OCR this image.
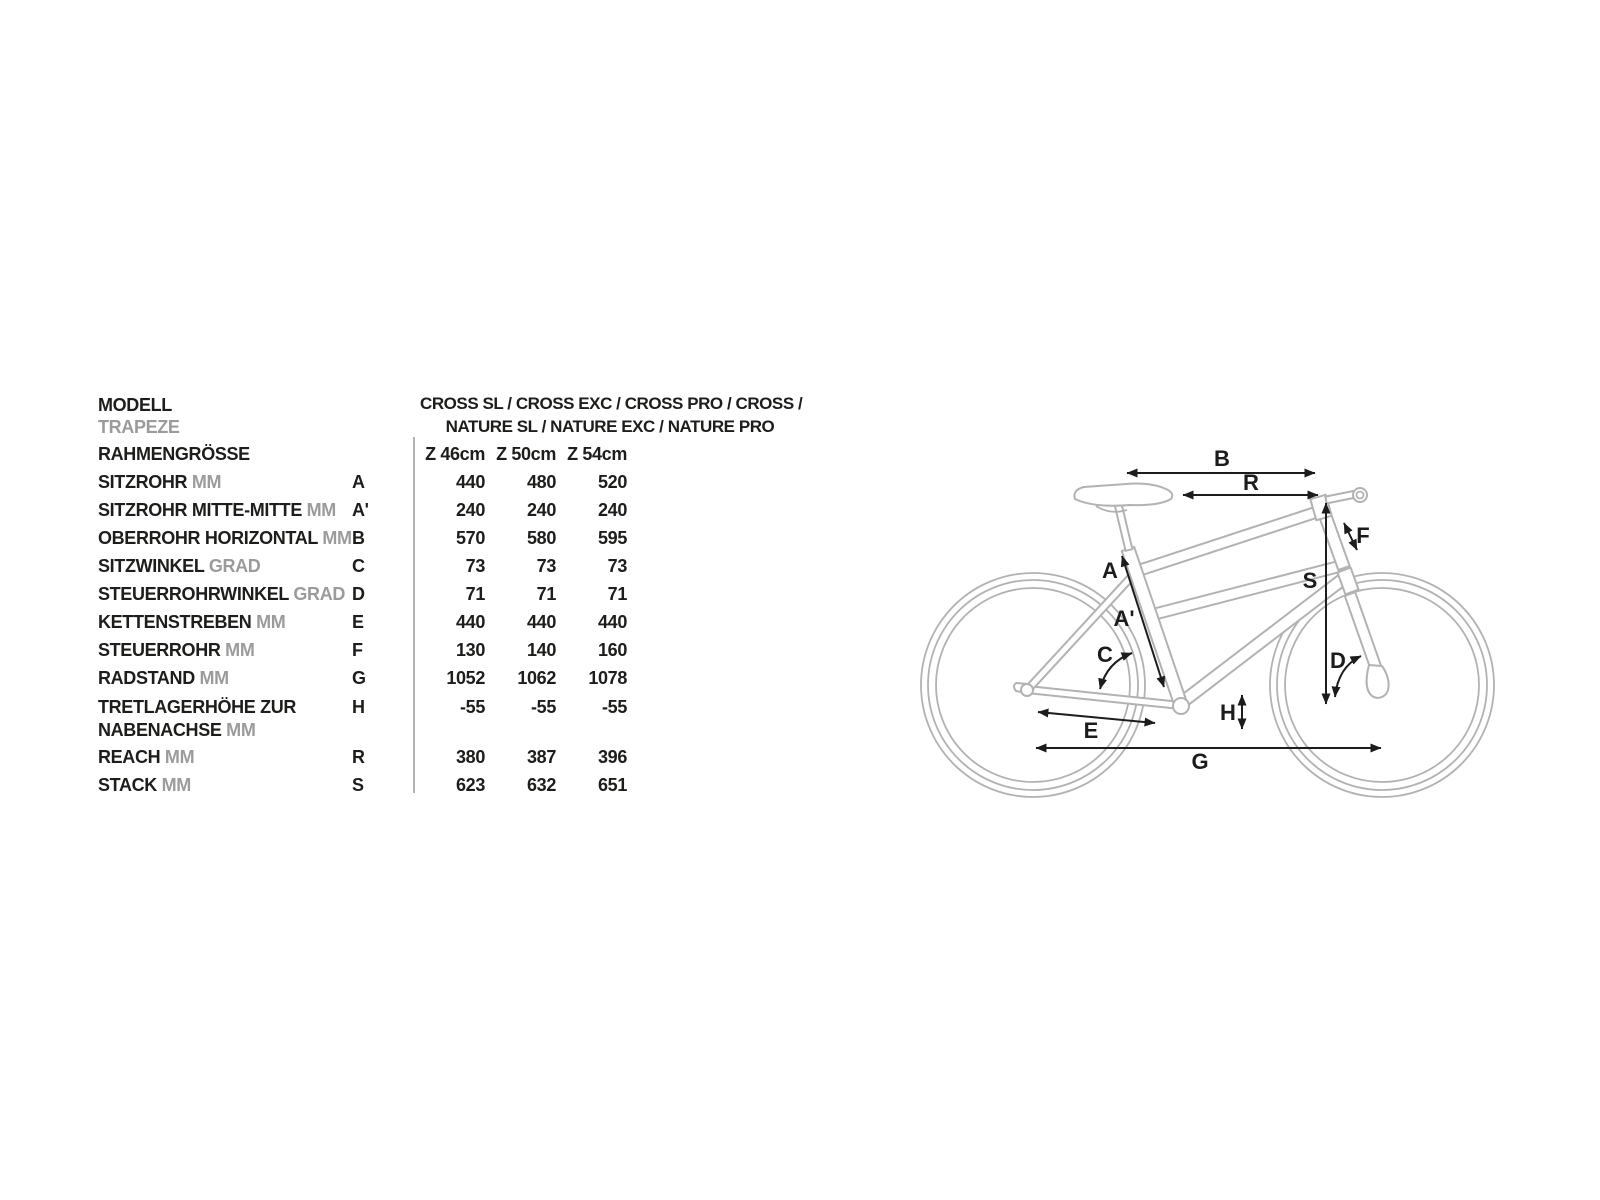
MODELL
TRAPEZE
CROSS SL / CROSS EXC / CROSS PRO / CROSS /
NATURE SL / NATURE EXC / NATURE PRO
RAHMENGRÖSSE	Z 46cm Z 50cm Z 54cm
SITZROHR MM	A	440	480	520
SITZROHR MITTE-MITTE MM A'	240	240	240
OBERROHR HORIZONTAL MM B	570	580	595
SITZWINKEL GRAD	C	73	73	73
STEUERROHRWINKEL GRAD D	71	71	71
KETTENSTREBEN MM	E	440	440	440
STEUERROHR MM	F	130	140	160
RADSTAND MM	G	1052	1062	1078
TRETLAGERHÖHE ZUR
NABENACHSE MM
H	-55	-55	-55
REACH MM	R	380	387	396
STACK MM	S	623	632	651
B
R
A
A'
C	D
E
F
G
H
S
